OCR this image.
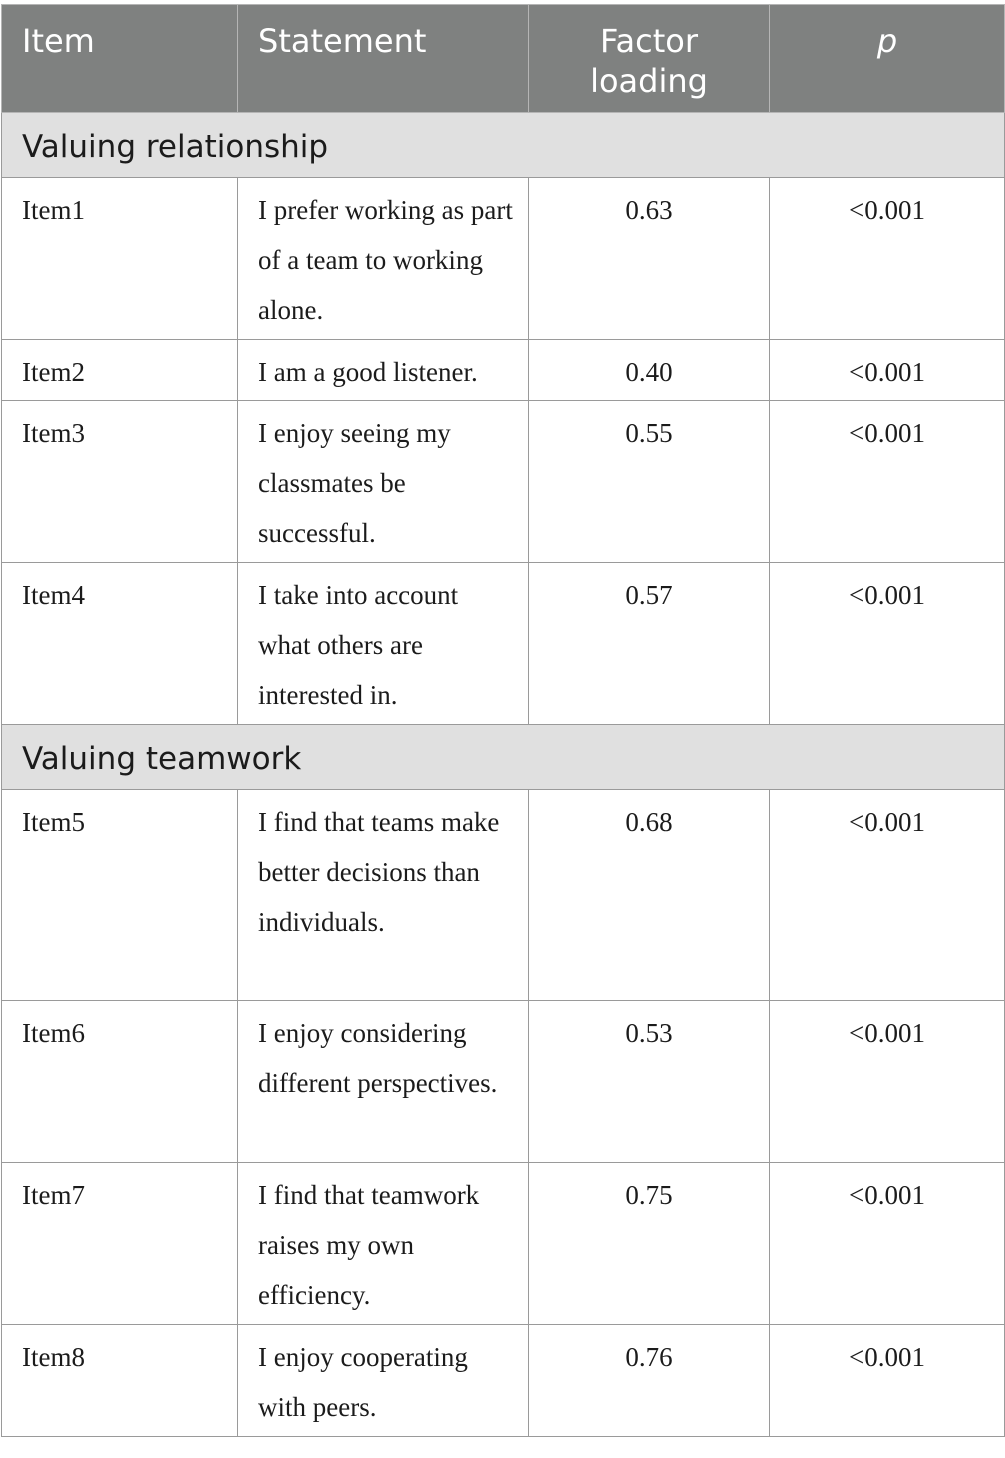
Item	Statement	Factor loading	p
Valuing relationship			
Item1	I prefer working as part of a team to working alone.	0.63	<0.001
Item2	I am a good listener.	0.40	<0.001
Item3	I enjoy seeing my classmates be successful.	0.55	<0.001
Item4	I take into account what others are interested in.	0.57	<0.001
Valuing teamwork			
Item5	I find that teams make better decisions than individuals.	0.68	<0.001
Item6	I enjoy considering different perspectives.	0.53	<0.001
Item7	I find that teamwork raises my own efficiency.	0.75	<0.001
Item8	I enjoy cooperating with peers.	0.76	<0.001
